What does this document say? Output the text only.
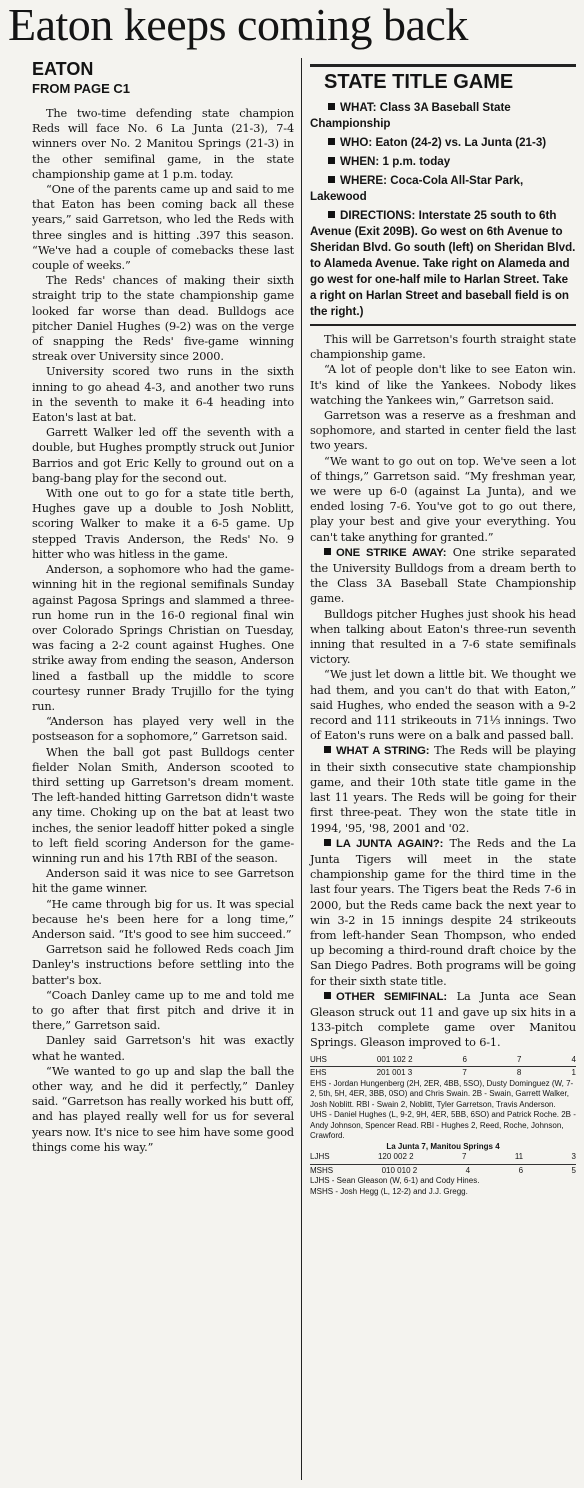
Eaton keeps coming back

EATON

FROM PAGE C1

The two-time defending state champion Reds will face No. 6 La Junta (21-3), 7-4 winners over No. 2 Manitou Springs (21-3) in the other semifinal game, in the state championship game at 1 p.m. today.

“One of the parents came up and said to me that Eaton has been coming back all these years,” said Garretson, who led the Reds with three singles and is hitting .397 this season. “We've had a couple of comebacks these last couple of weeks.”

The Reds' chances of making their sixth straight trip to the state championship game looked far worse than dead. Bulldogs ace pitcher Daniel Hughes (9-2) was on the verge of snapping the Reds' five-game winning streak over University since 2000.

University scored two runs in the sixth inning to go ahead 4-3, and another two runs in the seventh to make it 6-4 heading into Eaton's last at bat.

Garrett Walker led off the seventh with a double, but Hughes promptly struck out Junior Barrios and got Eric Kelly to ground out on a bang-bang play for the second out.

With one out to go for a state title berth, Hughes gave up a double to Josh Noblitt, scoring Walker to make it a 6-5 game. Up stepped Travis Anderson, the Reds' No. 9 hitter who was hitless in the game.

Anderson, a sophomore who had the game-winning hit in the regional semifinals Sunday against Pagosa Springs and slammed a three-run home run in the 16-0 regional final win over Colorado Springs Christian on Tuesday, was facing a 2-2 count against Hughes. One strike away from ending the season, Anderson lined a fastball up the middle to score courtesy runner Brady Trujillo for the tying run.

“Anderson has played very well in the postseason for a sophomore,” Garretson said.

When the ball got past Bulldogs center fielder Nolan Smith, Anderson scooted to third setting up Garretson's dream moment. The left-handed hitting Garretson didn't waste any time. Choking up on the bat at least two inches, the senior leadoff hitter poked a single to left field scoring Anderson for the game-winning run and his 17th RBI of the season.

Anderson said it was nice to see Garretson hit the game winner.

“He came through big for us. It was special because he's been here for a long time,” Anderson said. “It's good to see him succeed.”

Garretson said he followed Reds coach Jim Danley's instructions before settling into the batter's box.

“Coach Danley came up to me and told me to go after that first pitch and drive it in there,” Garretson said.

Danley said Garretson's hit was exactly what he wanted.

“We wanted to go up and slap the ball the other way, and he did it perfectly,” Danley said. “Garretson has really worked his butt off, and has played really well for us for several years now. It's nice to see him have some good things come his way.”

STATE TITLE GAME

WHAT: Class 3A Baseball State Championship

WHO: Eaton (24-2) vs. La Junta (21-3)

WHEN: 1 p.m. today

WHERE: Coca-Cola All-Star Park, Lakewood

DIRECTIONS: Interstate 25 south to 6th Avenue (Exit 209B). Go west on 6th Avenue to Sheridan Blvd. Go south (left) on Sheridan Blvd. to Alameda Avenue. Take right on Alameda and go west for one-half mile to Harlan Street. Take a right on Harlan Street and baseball field is on the right.)

This will be Garretson's fourth straight state championship game.

“A lot of people don't like to see Eaton win. It's kind of like the Yankees. Nobody likes watching the Yankees win,” Garretson said.

Garretson was a reserve as a freshman and sophomore, and started in center field the last two years.

“We want to go out on top. We've seen a lot of things,” Garretson said. “My freshman year, we were up 6-0 (against La Junta), and we ended losing 7-6. You've got to go out there, play your best and give your everything. You can't take anything for granted.”

ONE STRIKE AWAY: One strike separated the University Bulldogs from a dream berth to the Class 3A Baseball State Championship game.

Bulldogs pitcher Hughes just shook his head when talking about Eaton's three-run seventh inning that resulted in a 7-6 state semifinals victory.

“We just let down a little bit. We thought we had them, and you can't do that with Eaton,” said Hughes, who ended the season with a 9-2 record and 111 strikeouts in 71⅓ innings. Two of Eaton's runs were on a balk and passed ball.

WHAT A STRING: The Reds will be playing in their sixth consecutive state championship game, and their 10th state title game in the last 11 years. The Reds will be going for their first three-peat. They won the state title in 1994, '95, '98, 2001 and '02.

LA JUNTA AGAIN?: The Reds and the La Junta Tigers will meet in the state championship game for the third time in the last four years. The Tigers beat the Reds 7-6 in 2000, but the Reds came back the next year to win 3-2 in 15 innings despite 24 strikeouts from left-hander Sean Thompson, who ended up becoming a third-round draft choice by the San Diego Padres. Both programs will be going for their sixth state title.

OTHER SEMIFINAL: La Junta ace Sean Gleason struck out 11 and gave up six hits in a 133-pitch complete game over Manitou Springs. Gleason improved to 6-1.

UHS	001 102 2	6	7	4
EHS	201 001 3	7	8	1
EHS - Jordan Hungenberg (2H, 2ER, 4BB, 5SO), Dusty Dominguez (W, 7-2, 5th, 5H, 4ER, 3BB, 0SO) and Chris Swain. 2B - Swain, Garrett Walker, Josh Noblitt. RBI - Swain 2, Noblitt, Tyler Garretson, Travis Anderson.
UHS - Daniel Hughes (L, 9-2, 9H, 4ER, 5BB, 6SO) and Patrick Roche. 2B - Andy Johnson, Spencer Read. RBI - Hughes 2, Reed, Roche, Johnson, Crawford.
La Junta 7, Manitou Springs 4
LJHS	120 002 2	7	11	3
MSHS	010 010 2	4	6	5
LJHS - Sean Gleason (W, 6-1) and Cody Hines.
MSHS - Josh Hegg (L, 12-2) and J.J. Gregg.
